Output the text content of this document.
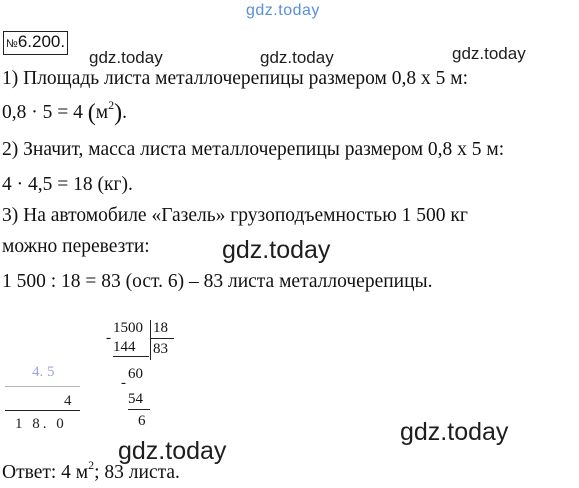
gdz.today
gdz.today	gdz.today	gdz.today
gdz.today
gdz.today
gdz.today
№6.200.
1) Площадь листа металлочерепицы размером 0,8 х 5 м:
0,8 · 5 = 4 $(м^2)$.
2) Значит, масса листа металлочерепицы размером 0,8 х 5 м:
4 · 4,5 = 18 (кг).
3) На автомобиле «Газель» грузоподъемностью 1 500 кг
можно перевезти:
1 500 : 18 = 83 (ост. 6) – 83 листа металлочерепицы.
-
1500 18
144 83
-
60
54
6
4. 5
4
1 8. 0
Ответ: 4 $м^2$; 83 листа.
